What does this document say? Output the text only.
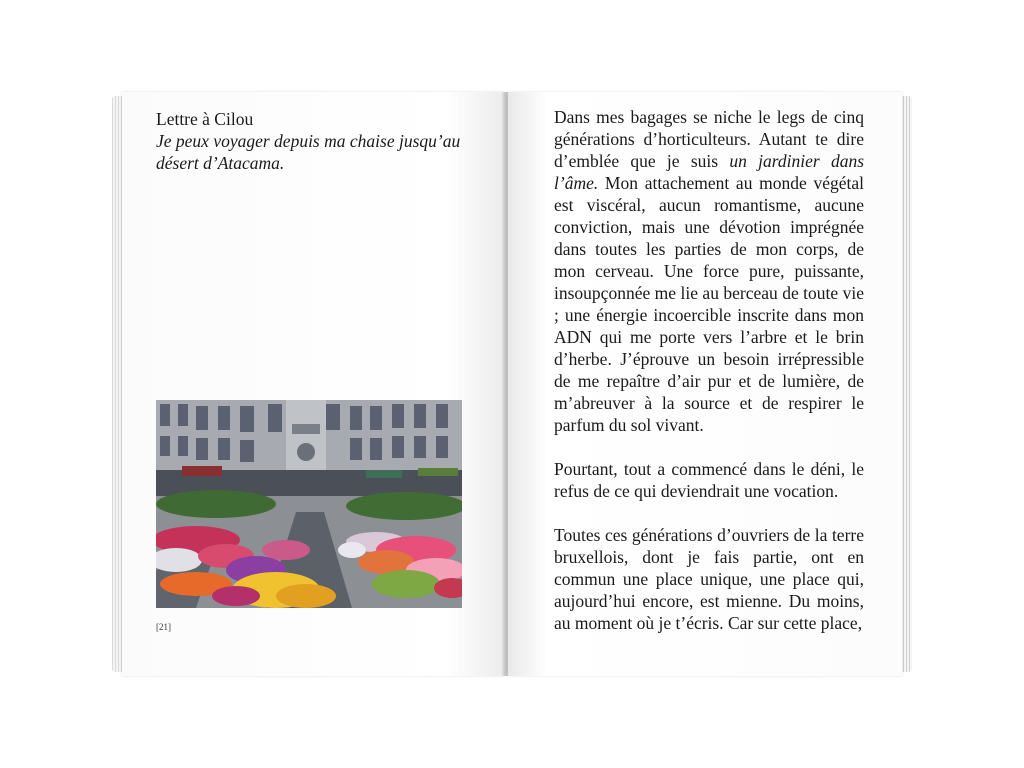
Lettre à Cilou
Je peux voyager depuis ma chaise jusqu’au désert d’Atacama.
[21]

Dans mes bagages se niche le legs de cinq générations d’horticulteurs. Autant te dire d’emblée que je suis un jardinier dans l’âme. Mon attachement au monde végétal est viscéral, aucun romantisme, aucune conviction, mais une dévotion imprégnée dans toutes les parties de mon corps, de mon cerveau. Une force pure, puissante, insoupçonnée me lie au berceau de toute vie ; une énergie incoercible inscrite dans mon ADN qui me porte vers l’arbre et le brin d’herbe. J’éprouve un besoin irrépressible de me repaître d’air pur et de lumière, de m’abreuver à la source et de respirer le parfum du sol vivant.

Pourtant, tout a commencé dans le déni, le refus de ce qui deviendrait une vocation.

Toutes ces générations d’ouvriers de la terre bruxellois, dont je fais partie, ont en commun une place unique, une place qui, aujourd’hui encore, est mienne. Du moins, au moment où je t’écris. Car sur cette place,
